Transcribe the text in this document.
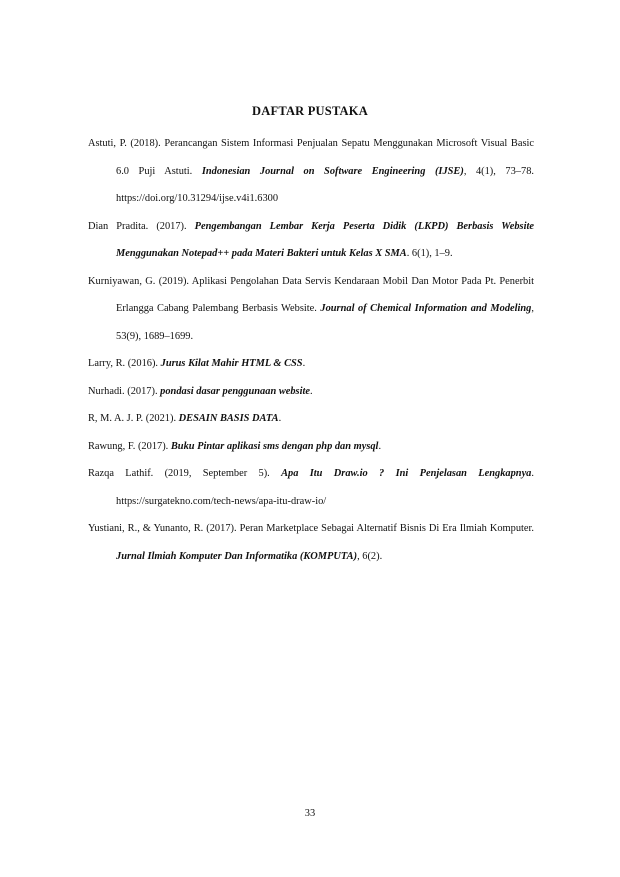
DAFTAR PUSTAKA

Astuti, P. (2018). Perancangan Sistem Informasi Penjualan Sepatu Menggunakan Microsoft Visual Basic 6.0 Puji Astuti. Indonesian Journal on Software Engineering (IJSE), 4(1), 73–78. https://doi.org/10.31294/ijse.v4i1.6300

Dian Pradita. (2017). Pengembangan Lembar Kerja Peserta Didik (LKPD) Berbasis Website Menggunakan Notepad++ pada Materi Bakteri untuk Kelas X SMA. 6(1), 1–9.

Kurniyawan, G. (2019). Aplikasi Pengolahan Data Servis Kendaraan Mobil Dan Motor Pada Pt. Penerbit Erlangga Cabang Palembang Berbasis Website. Journal of Chemical Information and Modeling, 53(9), 1689–1699.

Larry, R. (2016). Jurus Kilat Mahir HTML & CSS.

Nurhadi. (2017). pondasi dasar penggunaan website.

R, M. A. J. P. (2021). DESAIN BASIS DATA.

Rawung, F. (2017). Buku Pintar aplikasi sms dengan php dan mysql.

Razqa Lathif. (2019, September 5). Apa Itu Draw.io ? Ini Penjelasan Lengkapnya. https://surgatekno.com/tech-news/apa-itu-draw-io/

Yustiani, R., & Yunanto, R. (2017). Peran Marketplace Sebagai Alternatif Bisnis Di Era Ilmiah Komputer. Jurnal Ilmiah Komputer Dan Informatika (KOMPUTA), 6(2).

33
